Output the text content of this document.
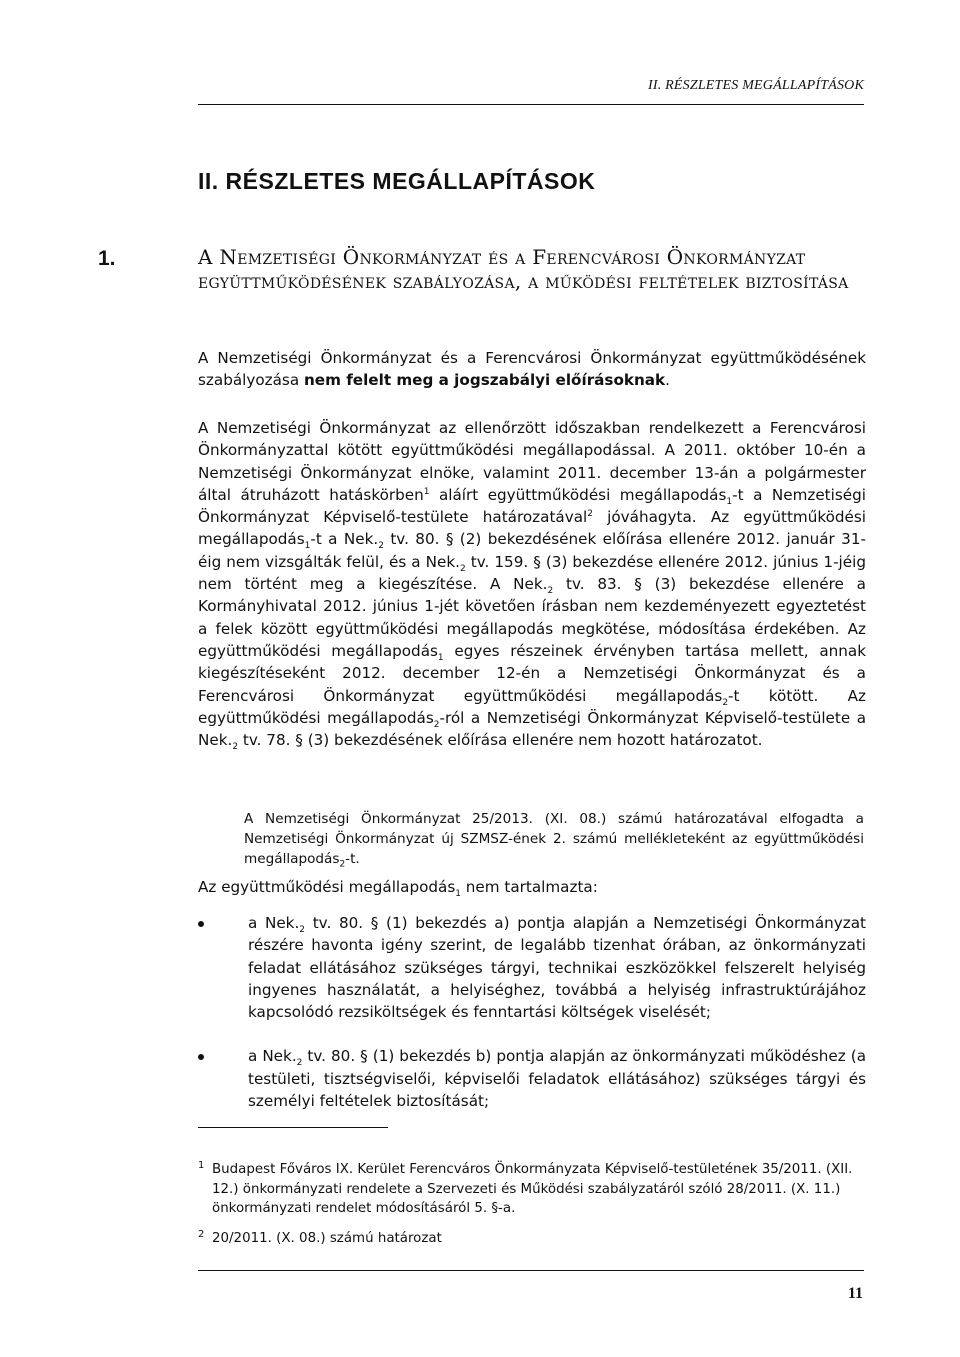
II. RÉSZLETES MEGÁLLAPÍTÁSOK
II. RÉSZLETES MEGÁLLAPÍTÁSOK
1.	A Nemzetiségi Önkormányzat és a Ferencvárosi Önkormányzat együttműködésének szabályozása, a működési feltételek biztosítása

A Nemzetiségi Önkormányzat és a Ferencvárosi Önkormányzat együttműködésének szabályozása nem felelt meg a jogszabályi előírásoknak.

A Nemzetiségi Önkormányzat az ellenőrzött időszakban rendelkezett a Ferencvárosi Önkormányzattal kötött együttműködési megállapodással. A 2011. október 10-én a Nemzetiségi Önkormányzat elnöke, valamint 2011. december 13-án a polgármester által átruházott hatáskörben$^1$ aláírt együttműködési megállapodás$_1$-t a Nemzetiségi Önkormányzat Képviselő-testülete határozatával$^2$ jóváhagyta. Az együttműködési megállapodás$_1$-t a $Nek._2$ tv. 80. § (2) bekezdésének előírása ellenére 2012. január 31-éig nem vizsgálták felül, és a $Nek._2$ tv. 159. § (3) bekezdése ellenére 2012. június 1-jéig nem történt meg a kiegészítése. A $Nek._2$ tv. 83. § (3) bekezdése ellenére a Kormányhivatal 2012. június 1-jét követően írásban nem kezdeményezett egyeztetést a felek között együttműködési megállapodás megkötése, módosítása érdekében. Az együttműködési megállapodás$_1$ egyes részeinek érvényben tartása mellett, annak kiegészítéseként 2012. december 12-én a Nemzetiségi Önkormányzat és a Ferencvárosi Önkormányzat együttműködési megállapodás$_2$-t kötött. Az együttműködési megállapodás$_2$-ról a Nemzetiségi Önkormányzat Képviselő-testülete a $Nek._2$ tv. 78. § (3) bekezdésének előírása ellenére nem hozott határozatot.

A Nemzetiségi Önkormányzat 25/2013. (XI. 08.) számú határozatával elfogadta a Nemzetiségi Önkormányzat új SZMSZ-ének 2. számú mellékleteként az együttműködési megállapodás$_2$-t.

Az együttműködési megállapodás$_1$ nem tartalmazta:

a $Nek._2$ tv. 80. § (1) bekezdés a) pontja alapján a Nemzetiségi Önkormányzat részére havonta igény szerint, de legalább tizenhat órában, az önkormányzati feladat ellátásához szükséges tárgyi, technikai eszközökkel felszerelt helyiség ingyenes használatát, a helyiséghez, továbbá a helyiség infrastruktúrájához kapcsolódó rezsiköltségek és fenntartási költségek viselését;
a $Nek._2$ tv. 80. § (1) bekezdés b) pontja alapján az önkormányzati működéshez (a testületi, tisztségviselői, képviselői feladatok ellátásához) szükséges tárgyi és személyi feltételek biztosítását;

1 Budapest Főváros IX. Kerület Ferencváros Önkormányzata Képviselő-testületének 35/2011. (XII. 12.) önkormányzati rendelete a Szervezeti és Működési szabályzatáról szóló 28/2011. (X. 11.) önkormányzati rendelet módosításáról 5. §-a.

2 20/2011. (X. 08.) számú határozat

11
